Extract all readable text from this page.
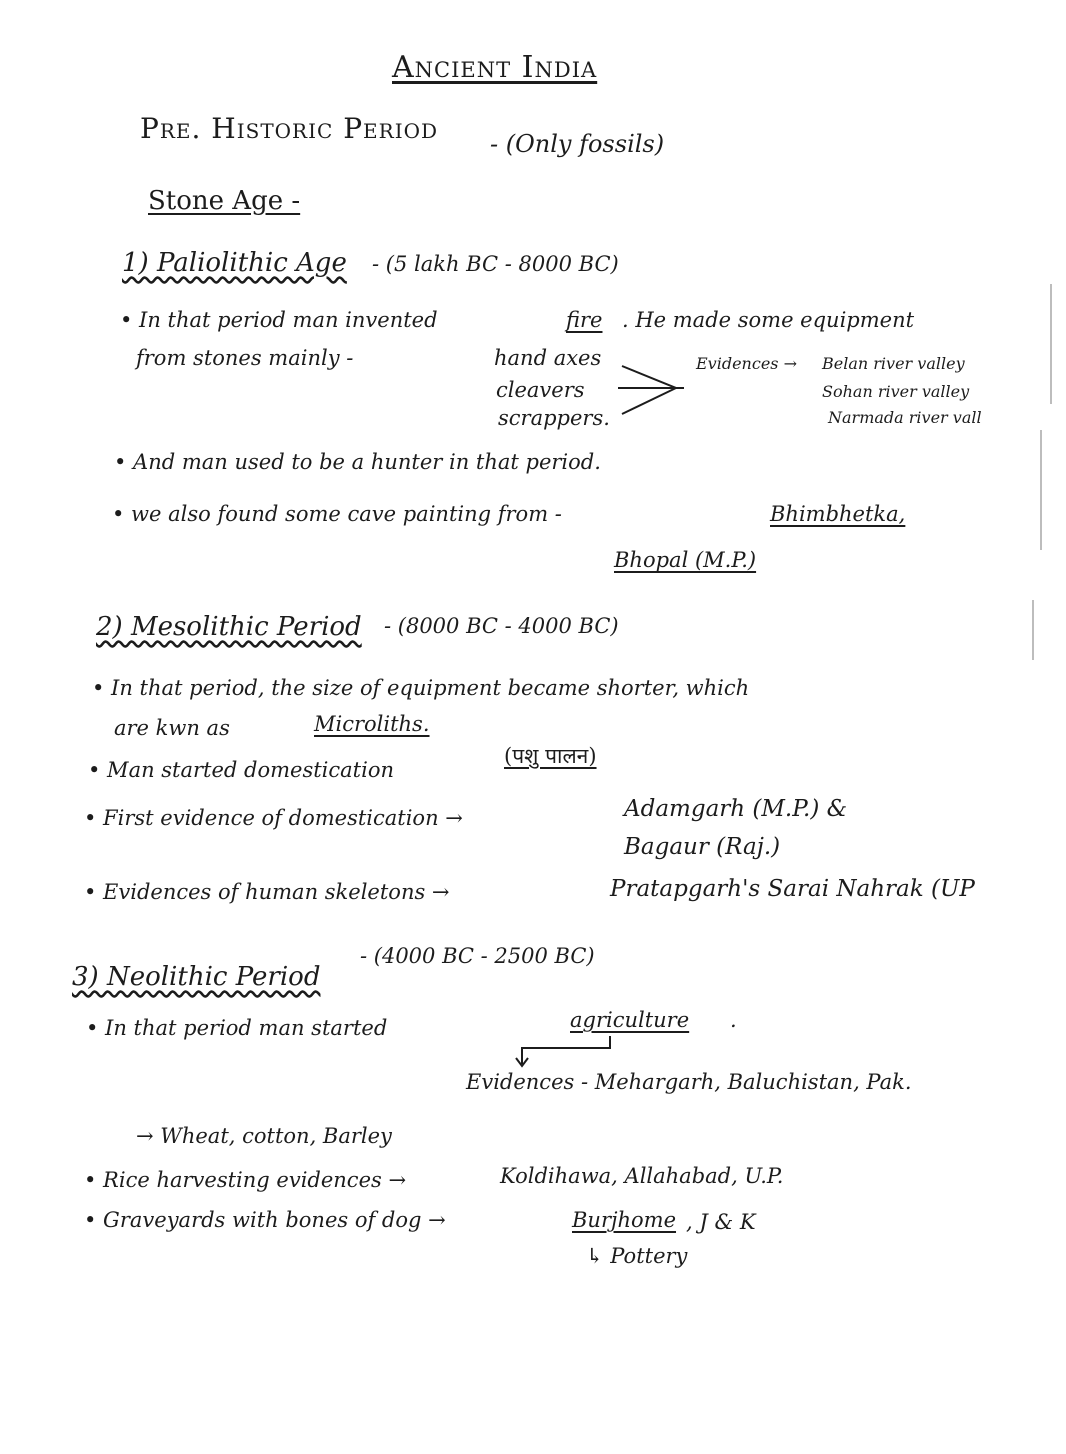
Ancient India
Pre. Historic Period - (Only fossils)
Stone Age -
1) Paliolithic Age - (5 lakh BC - 8000 BC)
• In that period man invented	fire . He made some equipment
from stones mainly -	hand axes
cleavers
scrappers.
Evidences → Belan river valley
Sohan river valley
Narmada river vall
• And man used to be a hunter in that period.
• we also found some cave painting from -	Bhimbhetka,
Bhopal (M.P.)
2) Mesolithic Period - (8000 BC - 4000 BC)
• In that period, the size of equipment became shorter, which
are kwn as	Microliths.
• Man started domestication
(पशु पालन)
• First evidence of domestication →	Adamgarh (M.P.) &
Bagaur (Raj.)
• Evidences of human skeletons →	Pratapgarh's Sarai Nahrak (UP
3) Neolithic Period
- (4000 BC - 2500 BC)
• In that period man started	agriculture .
Evidences - Mehargarh, Baluchistan, Pak.
→ Wheat, cotton, Barley
• Rice harvesting evidences →	Koldihawa, Allahabad, U.P.
• Graveyards with bones of dog →	Burjhome , J & K
↳ Pottery
